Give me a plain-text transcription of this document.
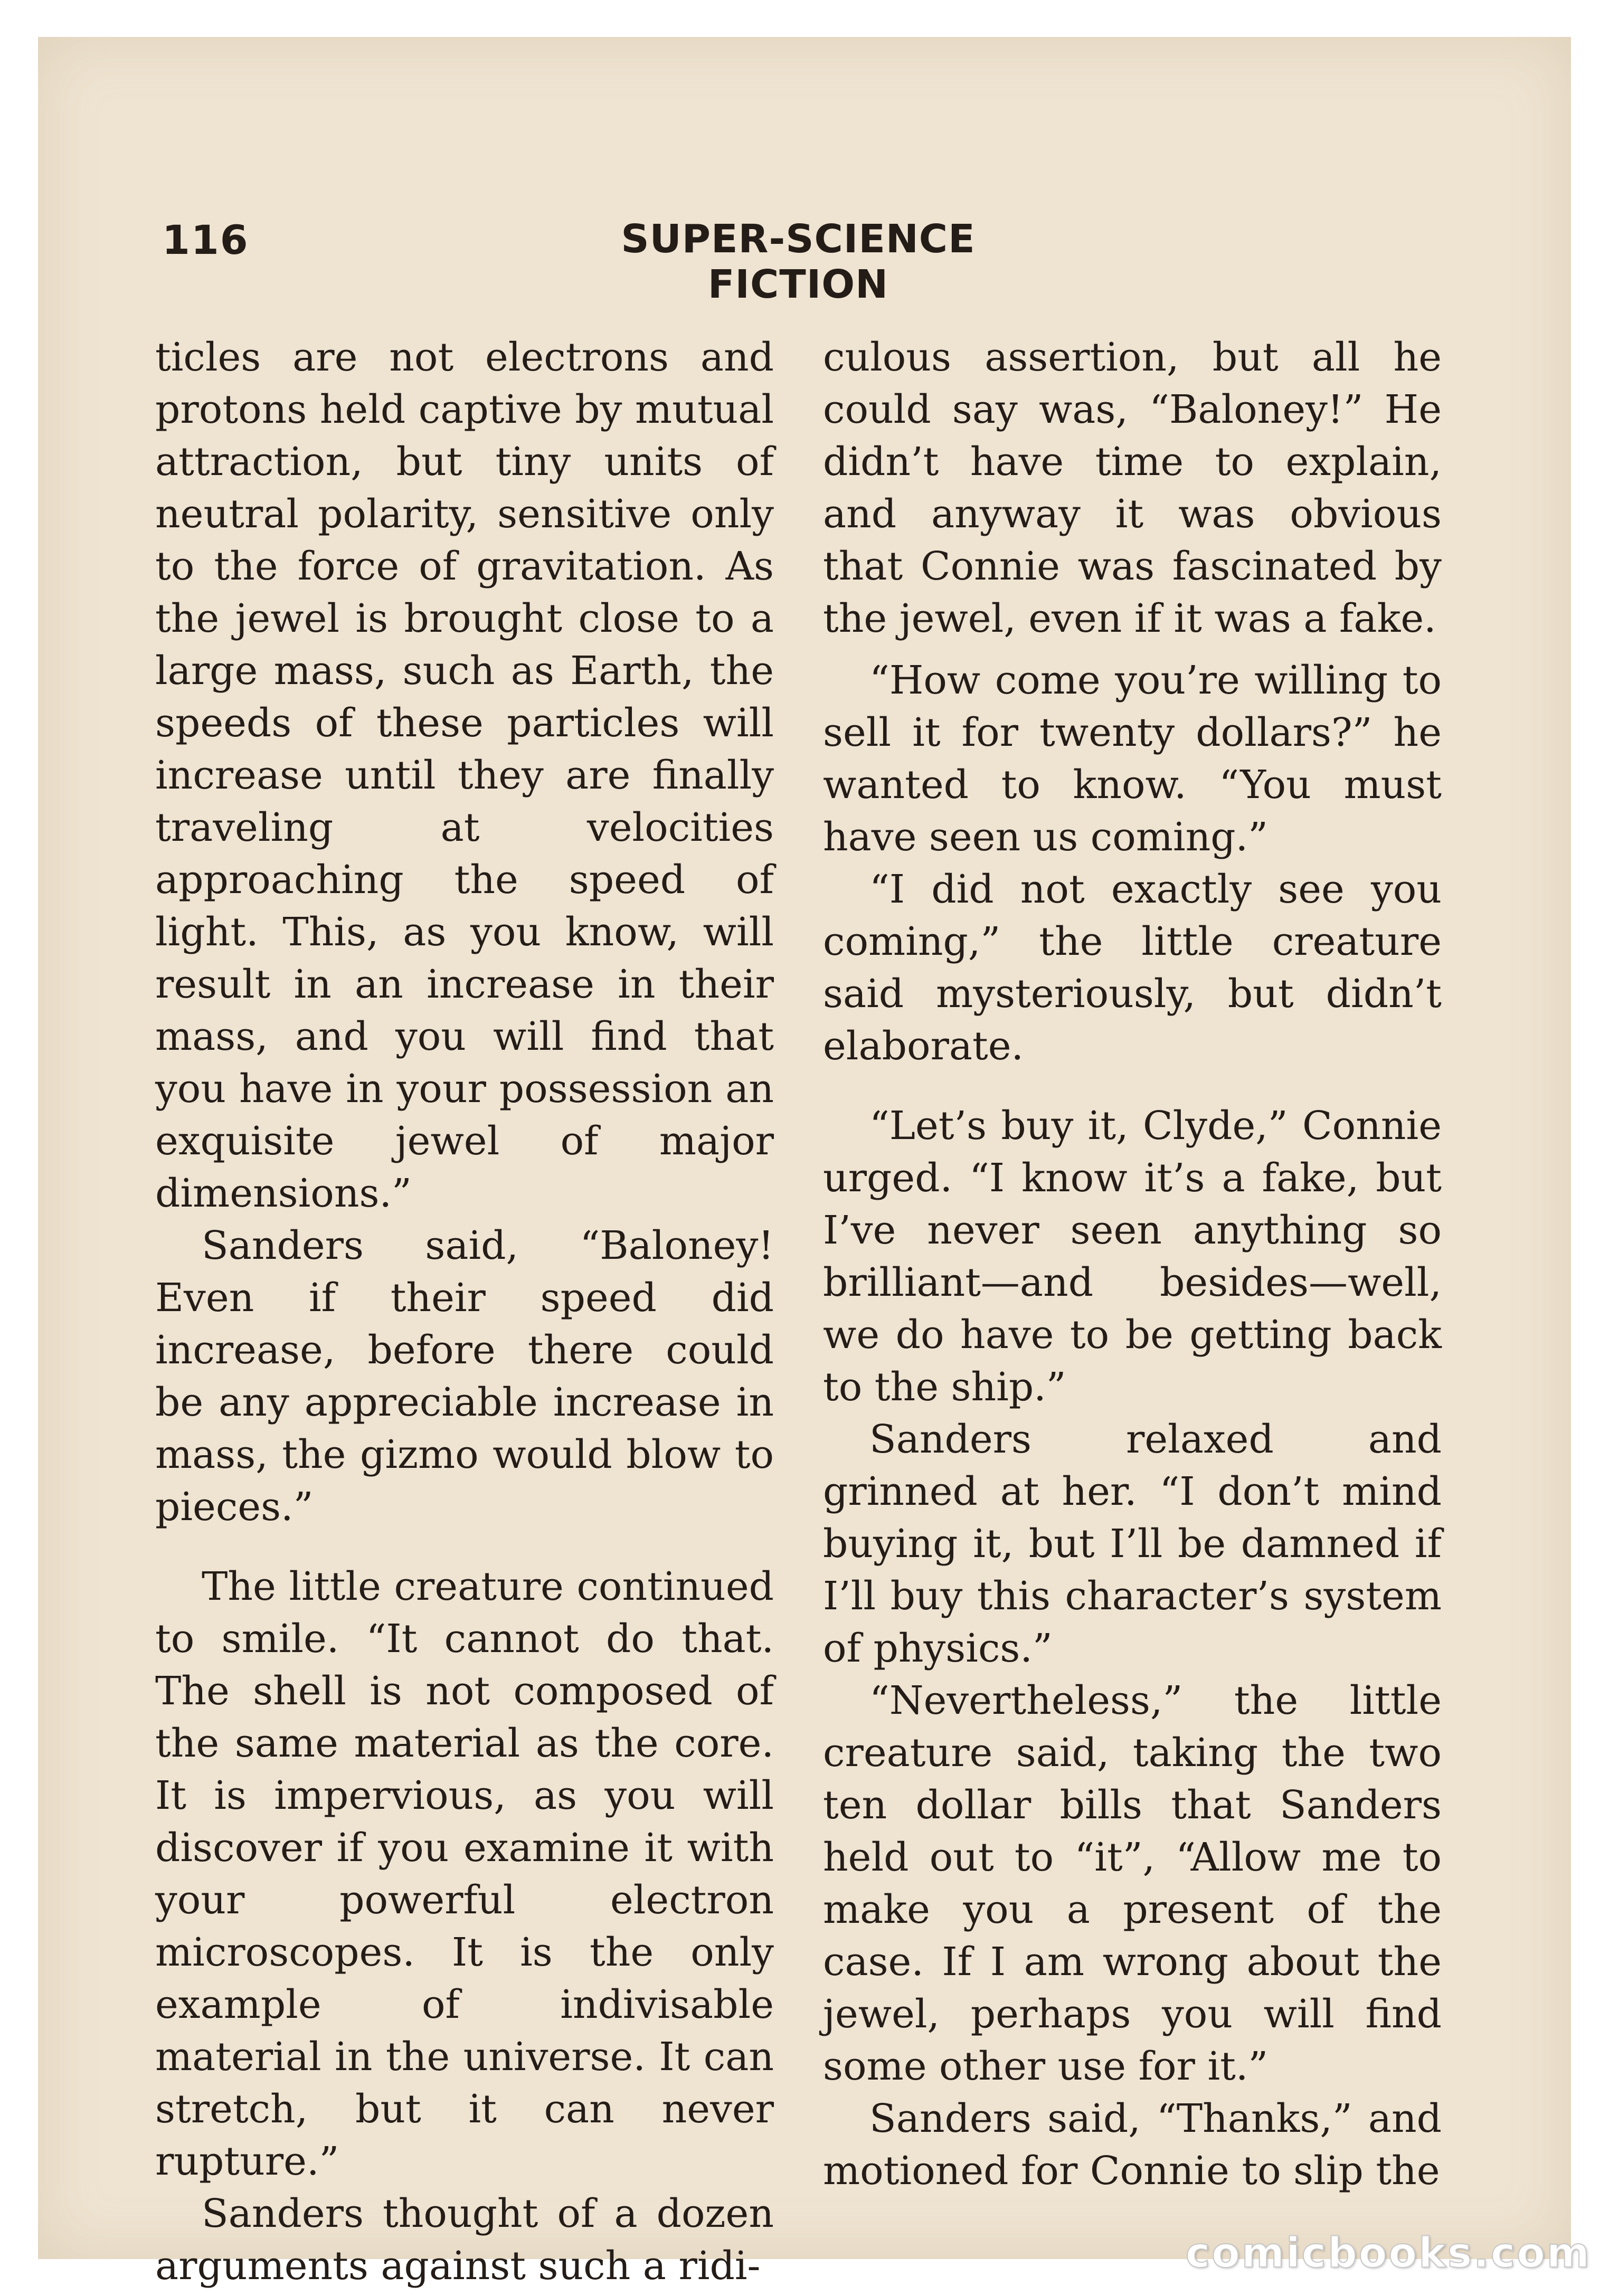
116	SUPER-SCIENCE FICTION

ticles are not electrons and protons held captive by mutual attraction, but tiny units of neutral polarity, sensitive only to the force of gravitation. As the jewel is brought close to a large mass, such as Earth, the speeds of these particles will increase until they are finally traveling at velocities approaching the speed of light. This, as you know, will result in an increase in their mass, and you will find that you have in your possession an exquisite jewel of major dimensions.”

Sanders said, “Baloney! Even if their speed did increase, before there could be any appreciable increase in mass, the gizmo would blow to pieces.”

The little creature continued to smile. “It cannot do that. The shell is not composed of the same material as the core. It is impervious, as you will discover if you examine it with your powerful electron microscopes. It is the only example of indivisable material in the universe. It can stretch, but it can never rupture.”

Sanders thought of a dozen arguments against such a ridi-

culous assertion, but all he could say was, “Baloney!” He didn’t have time to explain, and anyway it was obvious that Connie was fascinated by the jewel, even if it was a fake.

“How come you’re willing to sell it for twenty dollars?” he wanted to know. “You must have seen us coming.”

“I did not exactly see you coming,” the little creature said mysteriously, but didn’t elaborate.

“Let’s buy it, Clyde,” Connie urged. “I know it’s a fake, but I’ve never seen anything so brilliant—and besides—well, we do have to be getting back to the ship.”

Sanders relaxed and grinned at her. “I don’t mind buying it, but I’ll be damned if I’ll buy this character’s system of physics.”

“Nevertheless,” the little creature said, taking the two ten dollar bills that Sanders held out to “it”, “Allow me to make you a present of the case. If I am wrong about the jewel, perhaps you will find some other use for it.”

Sanders said, “Thanks,” and motioned for Connie to slip the

comicbooks.com
